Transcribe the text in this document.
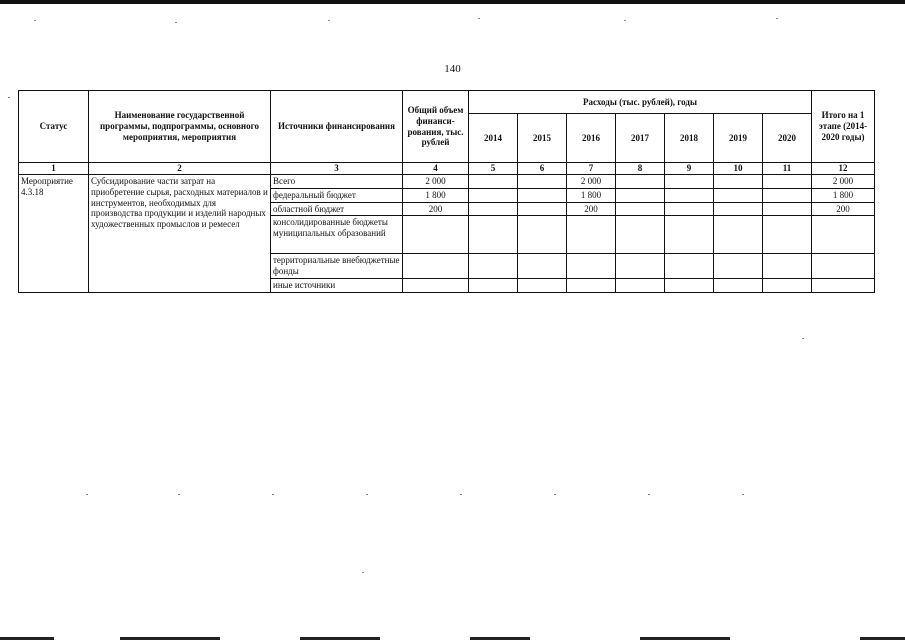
140
Статус	Наименование государственной программы, подпрограммы, основного мероприятия, мероприятия	Источники финансирования	Общий объем финанси-рования, тыс. рублей	Расходы (тыс. рублей), годы							Итого на 1 этапе (2014-2020 годы)
				2014	2015	2016	2017	2018	2019	2020	
1	2	3	4	5	6	7	8	9	10	11	12
Мероприятие 4.3.18	Субсидирование части затрат на приобретение сырья, расходных материалов и инструментов, необходимых для производства продукции и изделий народных художественных промыслов и ремесел	Всего	2 000			2 000					2 000
		федеральный бюджет	1 800			1 800					1 800
		областной бюджет	200			200					200
		консолидированные бюджеты муниципальных образований									
		территориальные внебюджетные фонды									
		иные источники									
